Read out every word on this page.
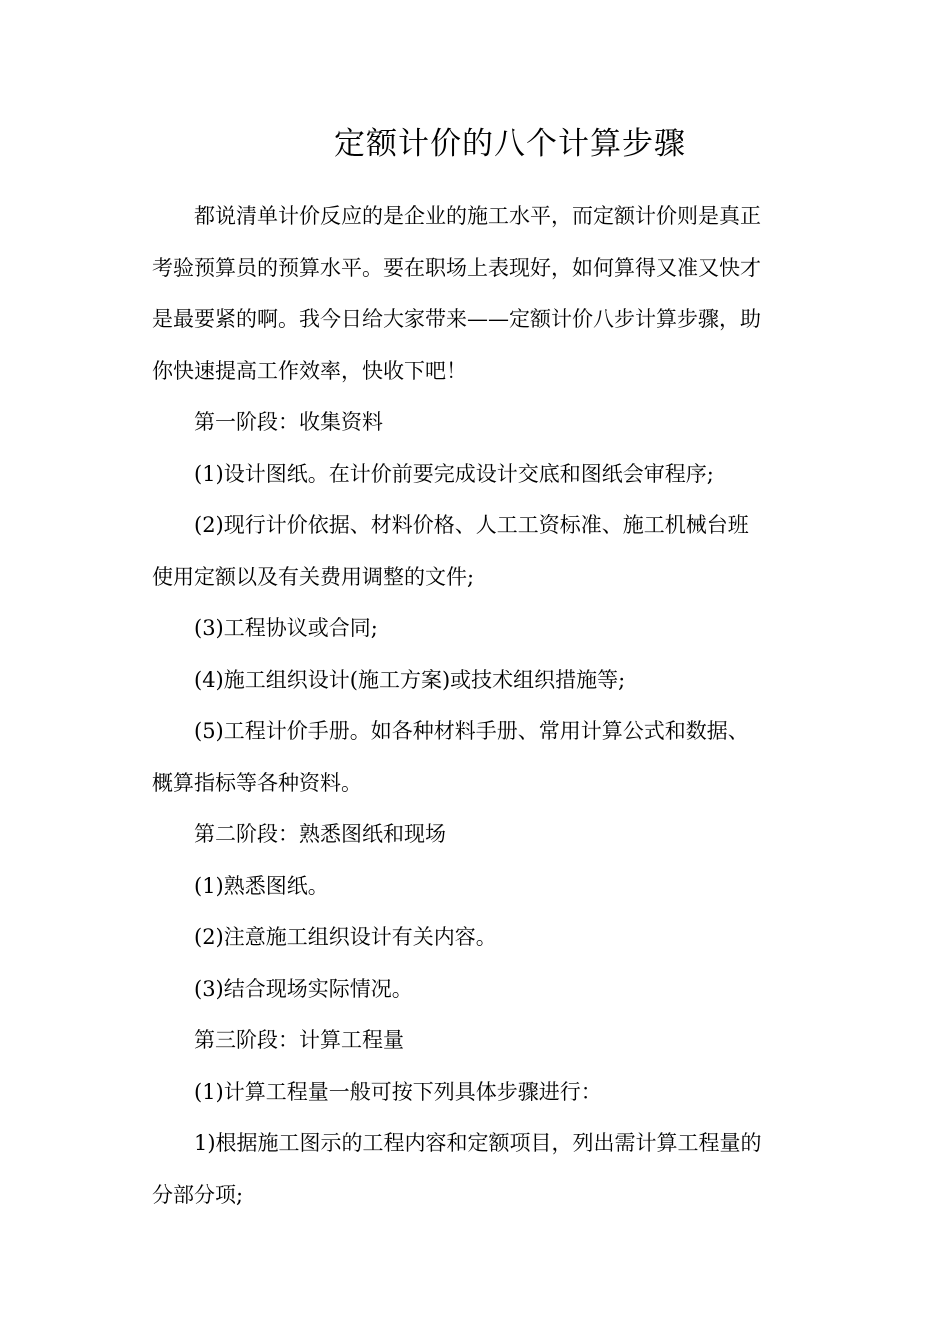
定额计价的八个计算步骤

都说清单计价反应的是企业的施工水平，而定额计价则是真正

考验预算员的预算水平。要在职场上表现好，如何算得又准又快才

是最要紧的啊。我今日给大家带来——定额计价八步计算步骤，助

你快速提高工作效率，快收下吧！

第一阶段：收集资料

(1)设计图纸。在计价前要完成设计交底和图纸会审程序;

(2)现行计价依据、材料价格、人工工资标准、施工机械台班

使用定额以及有关费用调整的文件;

(3)工程协议或合同;

(4)施工组织设计(施工方案)或技术组织措施等;

(5)工程计价手册。如各种材料手册、常用计算公式和数据、

概算指标等各种资料。

第二阶段：熟悉图纸和现场

(1)熟悉图纸。

(2)注意施工组织设计有关内容。

(3)结合现场实际情况。

第三阶段：计算工程量

(1)计算工程量一般可按下列具体步骤进行：

1)根据施工图示的工程内容和定额项目，列出需计算工程量的

分部分项;
